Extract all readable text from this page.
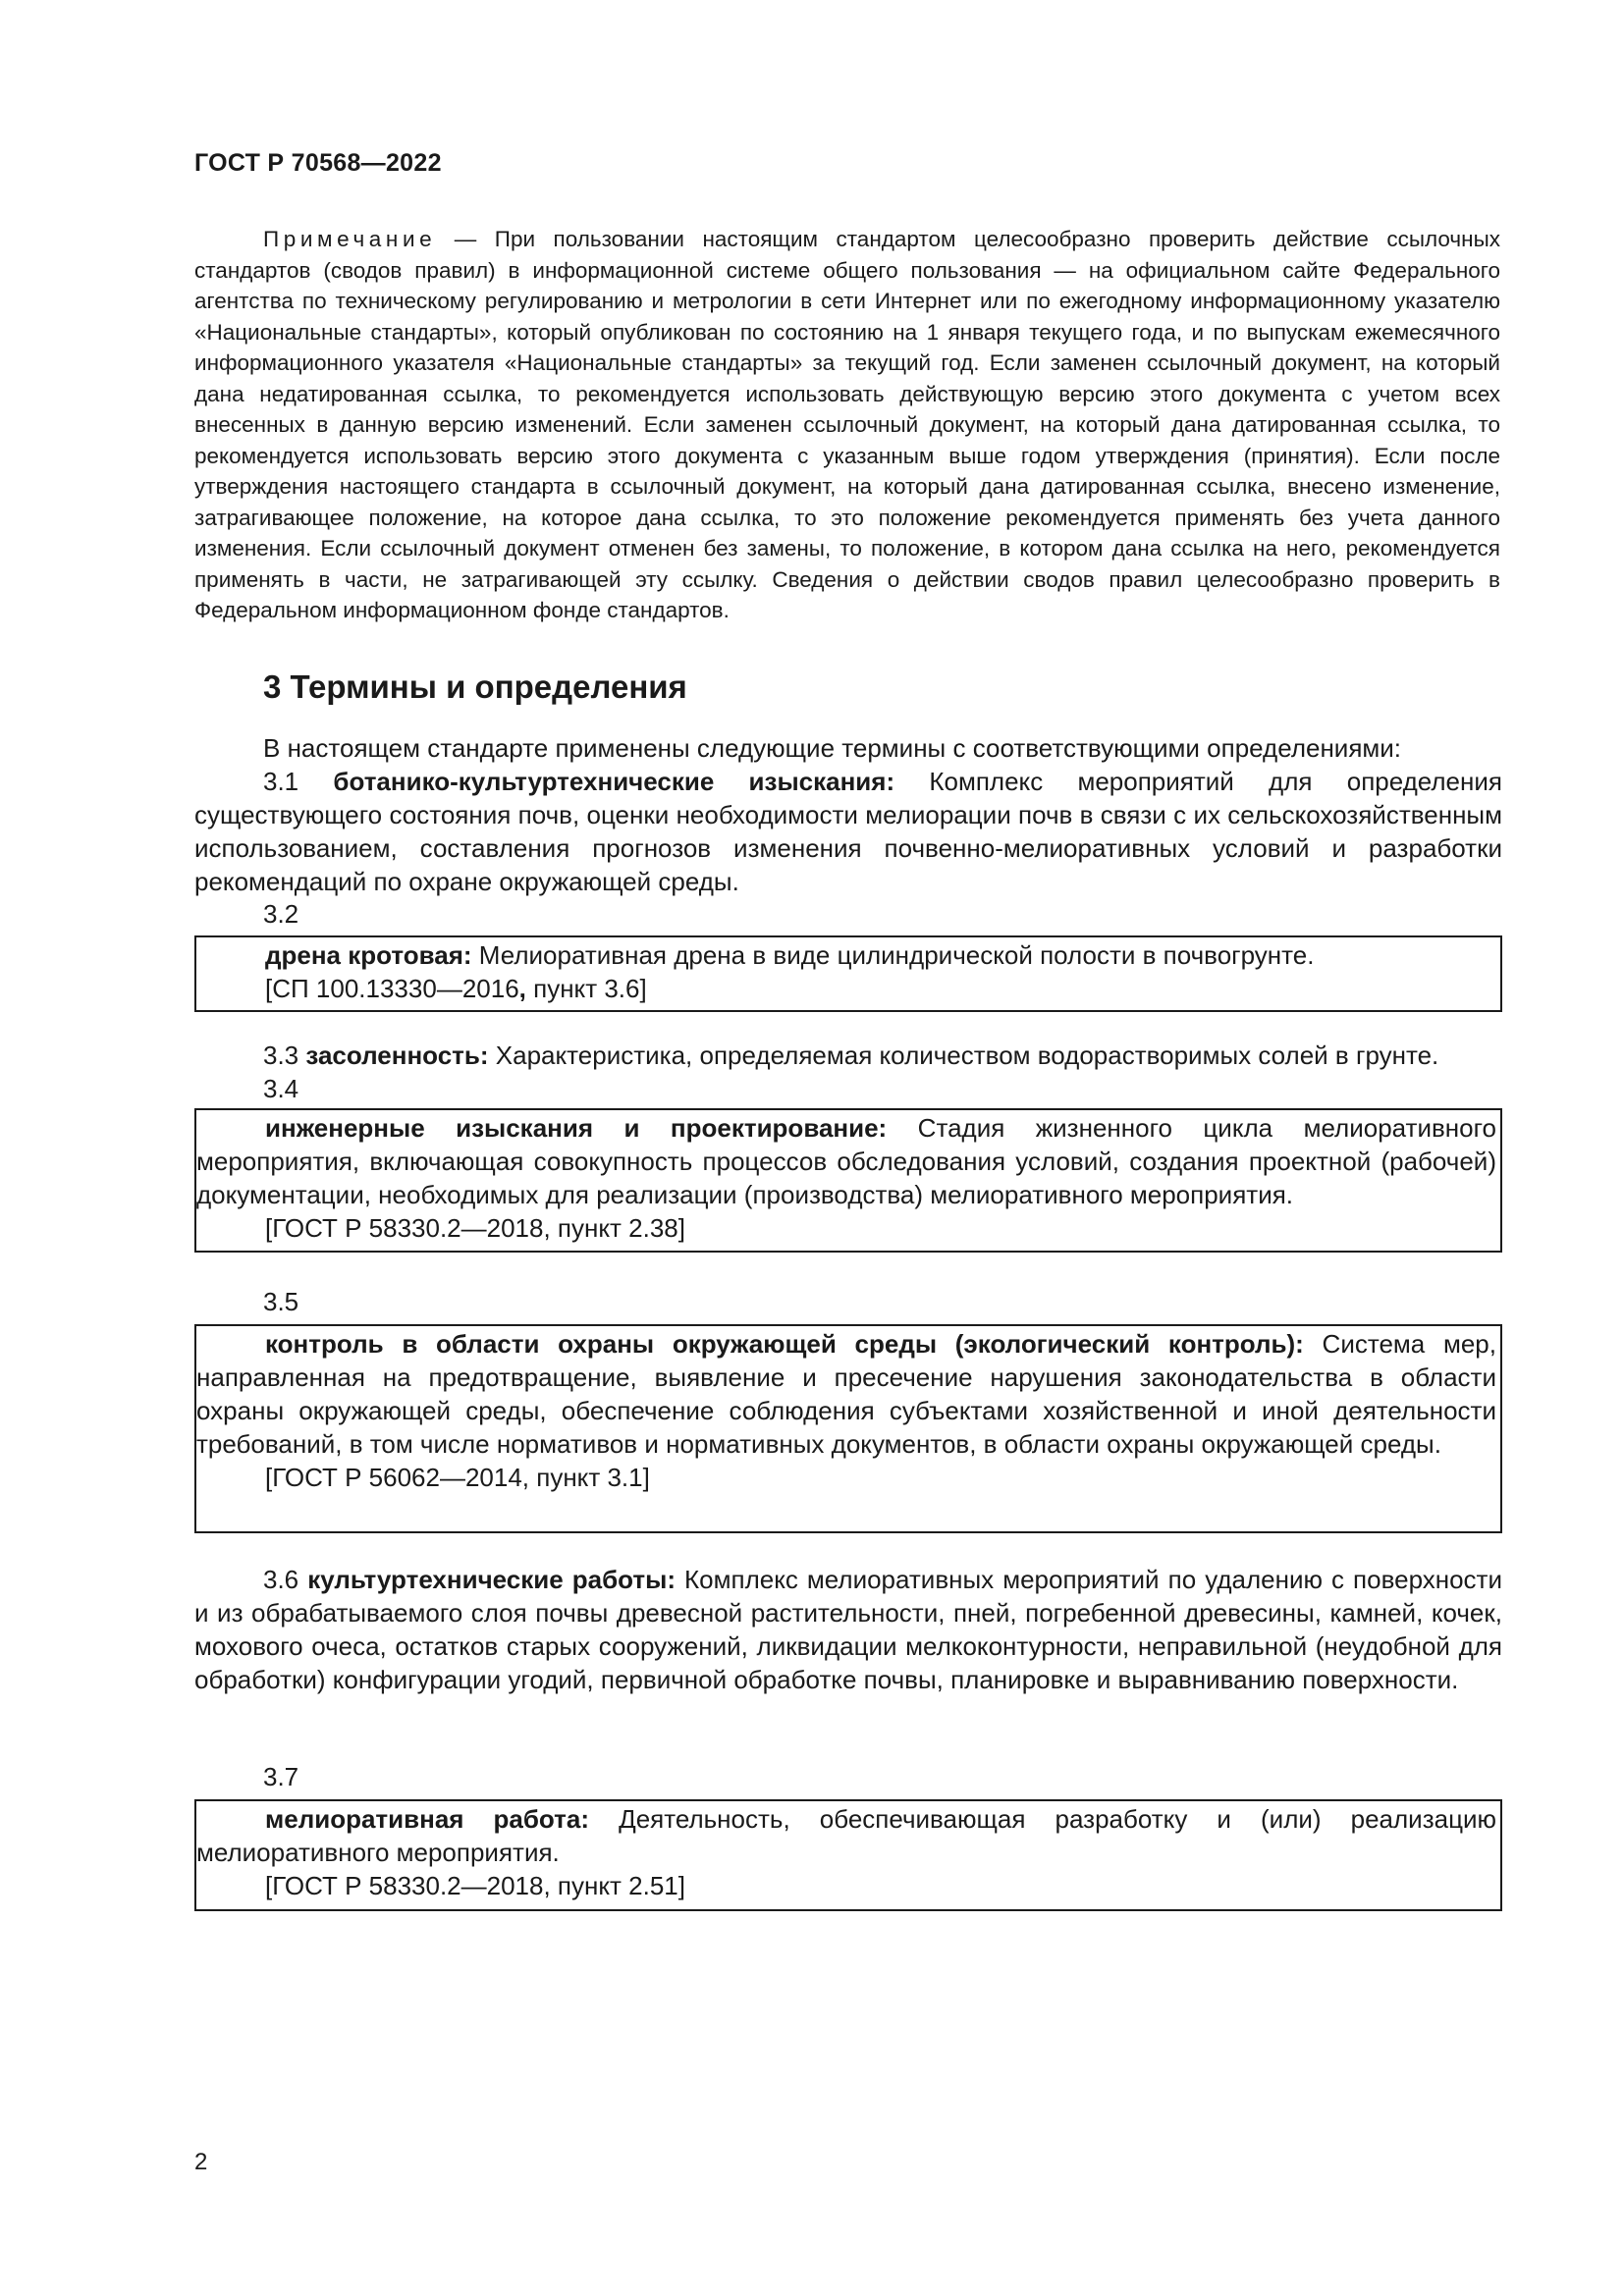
ГОСТ Р 70568—2022

Примечание — При пользовании настоящим стандартом целесообразно проверить действие ссылочных стандартов (сводов правил) в информационной системе общего пользования — на официальном сайте Федерального агентства по техническому регулированию и метрологии в сети Интернет или по ежегодному информационному указателю «Национальные стандарты», который опубликован по состоянию на 1 января текущего года, и по выпускам ежемесячного информационного указателя «Национальные стандарты» за текущий год. Если заменен ссылочный документ, на который дана недатированная ссылка, то рекомендуется использовать действующую версию этого документа с учетом всех внесенных в данную версию изменений. Если заменен ссылочный документ, на который дана датированная ссылка, то рекомендуется использовать версию этого документа с указанным выше годом утверждения (принятия). Если после утверждения настоящего стандарта в ссылочный документ, на который дана датированная ссылка, внесено изменение, затрагивающее положение, на которое дана ссылка, то это положение рекомендуется применять без учета данного изменения. Если ссылочный документ отменен без замены, то положение, в котором дана ссылка на него, рекомендуется применять в части, не затрагивающей эту ссылку. Сведения о действии сводов правил целесообразно проверить в Федеральном информационном фонде стандартов.

3 Термины и определения

В настоящем стандарте применены следующие термины с соответствующими определениями:

3.1 ботанико-культуртехнические изыскания: Комплекс мероприятий для определения существующего состояния почв, оценки необходимости мелиорации почв в связи с их сельскохозяйственным использованием, составления прогнозов изменения почвенно-мелиоративных условий и разработки рекомендаций по охране окружающей среды.

3.2

дрена кротовая: Мелиоративная дрена в виде цилиндрической полости в почвогрунте.

[СП 100.13330—2016, пункт 3.6]

3.3 засоленность: Характеристика, определяемая количеством водорастворимых солей в грунте.

3.4

инженерные изыскания и проектирование: Стадия жизненного цикла мелиоративного мероприятия, включающая совокупность процессов обследования условий, создания проектной (рабочей) документации, необходимых для реализации (производства) мелиоративного мероприятия.

[ГОСТ Р 58330.2—2018, пункт 2.38]
3.5

контроль в области охраны окружающей среды (экологический контроль): Система мер, направленная на предотвращение, выявление и пресечение нарушения законодательства в области охраны окружающей среды, обеспечение соблюдения субъектами хозяйственной и иной деятельности требований, в том числе нормативов и нормативных документов, в области охраны окружающей среды.

[ГОСТ Р 56062—2014, пункт 3.1]

3.6 культуртехнические работы: Комплекс мелиоративных мероприятий по удалению с поверхности и из обрабатываемого слоя почвы древесной растительности, пней, погребенной древесины, камней, кочек, мохового очеса, остатков старых сооружений, ликвидации мелкоконтурности, неправильной (неудобной для обработки) конфигурации угодий, первичной обработке почвы, планировке и выравниванию поверхности.

3.7

мелиоративная работа: Деятельность, обеспечивающая разработку и (или) реализацию мелиоративного мероприятия.

[ГОСТ Р 58330.2—2018, пункт 2.51]
2
